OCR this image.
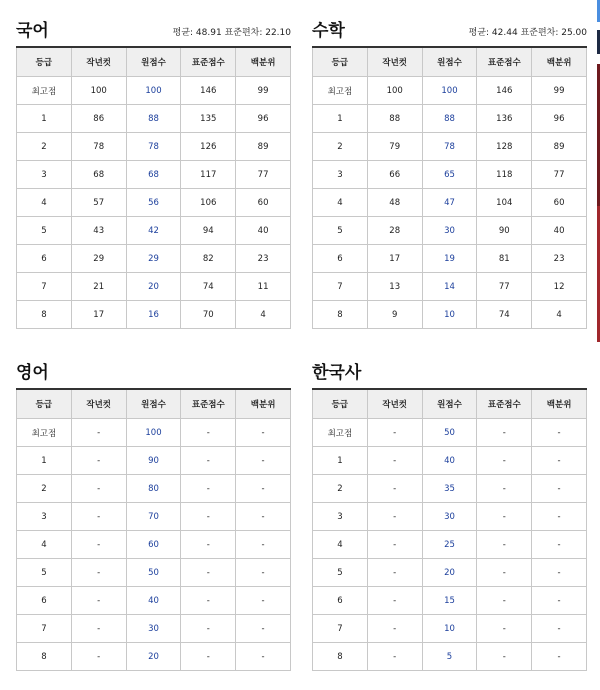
국어	평균: 48.91 표준편차: 22.10
등급	작년컷	원점수	표준점수	백분위
최고점	100	100	146	99
1	86	88	135	96
2	78	78	126	89
3	68	68	117	77
4	57	56	106	60
5	43	42	94	40
6	29	29	82	23
7	21	20	74	11
8	17	16	70	4
수학	평균: 42.44 표준편차: 25.00
등급	작년컷	원점수	표준점수	백분위
최고점	100	100	146	99
1	88	88	136	96
2	79	78	128	89
3	66	65	118	77
4	48	47	104	60
5	28	30	90	40
6	17	19	81	23
7	13	14	77	12
8	9	10	74	4
영어
등급	작년컷	원점수	표준점수	백분위
최고점	-	100	-	-
1	-	90	-	-
2	-	80	-	-
3	-	70	-	-
4	-	60	-	-
5	-	50	-	-
6	-	40	-	-
7	-	30	-	-
8	-	20	-	-
한국사
등급	작년컷	원점수	표준점수	백분위
최고점	-	50	-	-
1	-	40	-	-
2	-	35	-	-
3	-	30	-	-
4	-	25	-	-
5	-	20	-	-
6	-	15	-	-
7	-	10	-	-
8	-	5	-	-
